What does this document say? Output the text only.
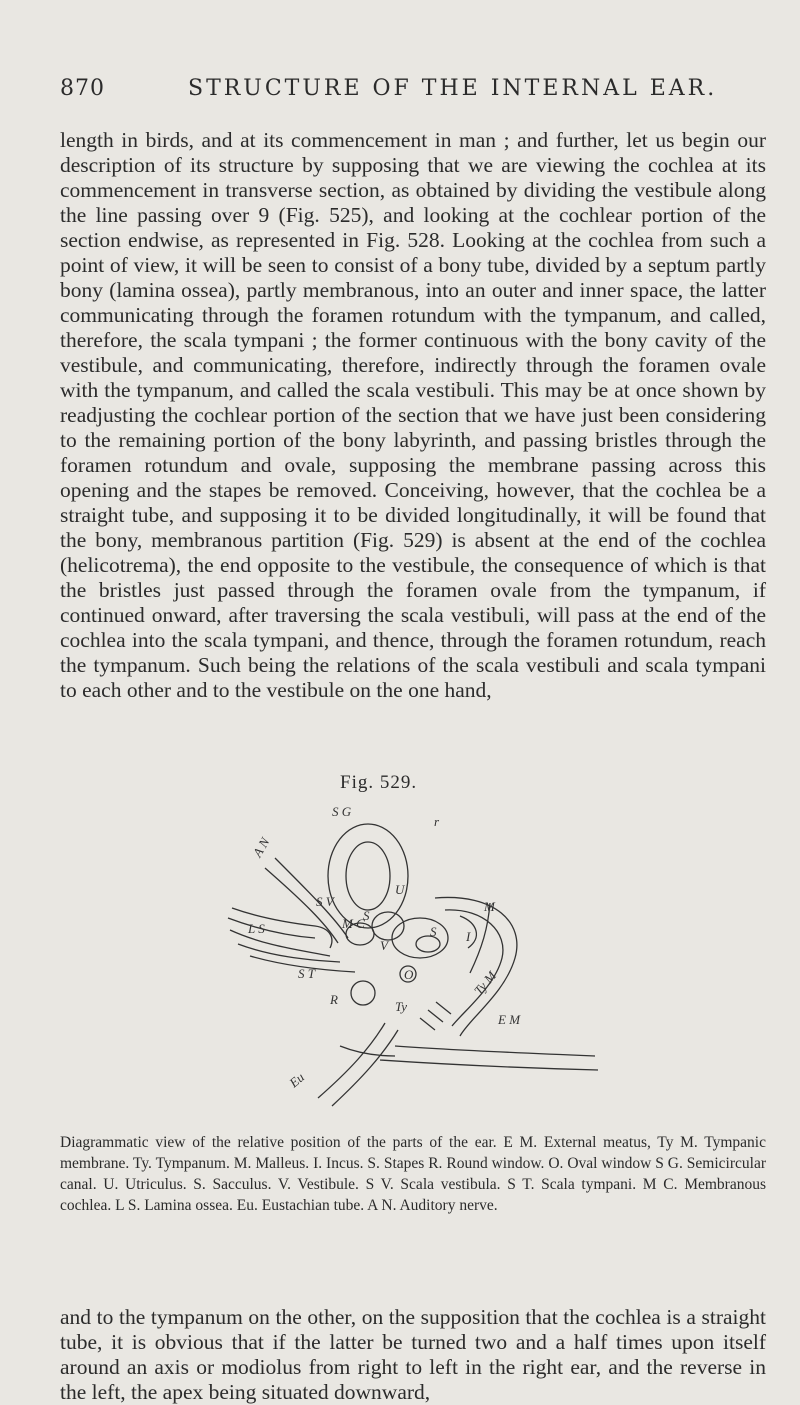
870	STRUCTURE OF THE INTERNAL EAR.

length in birds, and at its commencement in man ; and further, let us begin our description of its structure by supposing that we are viewing the cochlea at its commencement in transverse section, as obtained by dividing the vestibule along the line passing over 9 (Fig. 525), and looking at the cochlear portion of the section endwise, as represented in Fig. 528. Looking at the cochlea from such a point of view, it will be seen to consist of a bony tube, divided by a septum partly bony (lamina ossea), partly membranous, into an outer and inner space, the latter communicating through the foramen rotundum with the tympanum, and called, therefore, the scala tympani ; the former continuous with the bony cavity of the vestibule, and communicating, therefore, indirectly through the foramen ovale with the tympanum, and called the scala vestibuli. This may be at once shown by readjusting the cochlear portion of the section that we have just been considering to the remaining portion of the bony labyrinth, and passing bristles through the foramen rotundum and ovale, supposing the membrane passing across this opening and the stapes be removed. Conceiving, however, that the cochlea be a straight tube, and supposing it to be divided longitudinally, it will be found that the bony, membranous partition (Fig. 529) is absent at the end of the cochlea (helicotrema), the end opposite to the vestibule, the consequence of which is that the bristles just passed through the foramen ovale from the tympanum, if continued onward, after traversing the scala vestibuli, will pass at the end of the cochlea into the scala tympani, and thence, through the foramen rotundum, reach the tympanum. Such being the relations of the scala vestibuli and scala tympani to each other and to the vestibule on the one hand,

Fig. 529.
S G
r
A N
U
S V
M C
S
S
M
I
L S
V
S T	O
R
Ty M
Ty
E M
Eu

Diagrammatic view of the relative position of the parts of the ear. E M. External meatus, Ty M. Tympanic membrane. Ty. Tympanum. M. Malleus. I. Incus. S. Stapes R. Round window. O. Oval window S G. Semicircular canal. U. Utriculus. S. Sacculus. V. Vestibule. S V. Scala vestibula. S T. Scala tympani. M C. Membranous cochlea. L S. Lamina ossea. Eu. Eustachian tube. A N. Auditory nerve.

and to the tympanum on the other, on the supposition that the cochlea is a straight tube, it is obvious that if the latter be turned two and a half times upon itself around an axis or modiolus from right to left in the right ear, and the reverse in the left, the apex being situated downward,
